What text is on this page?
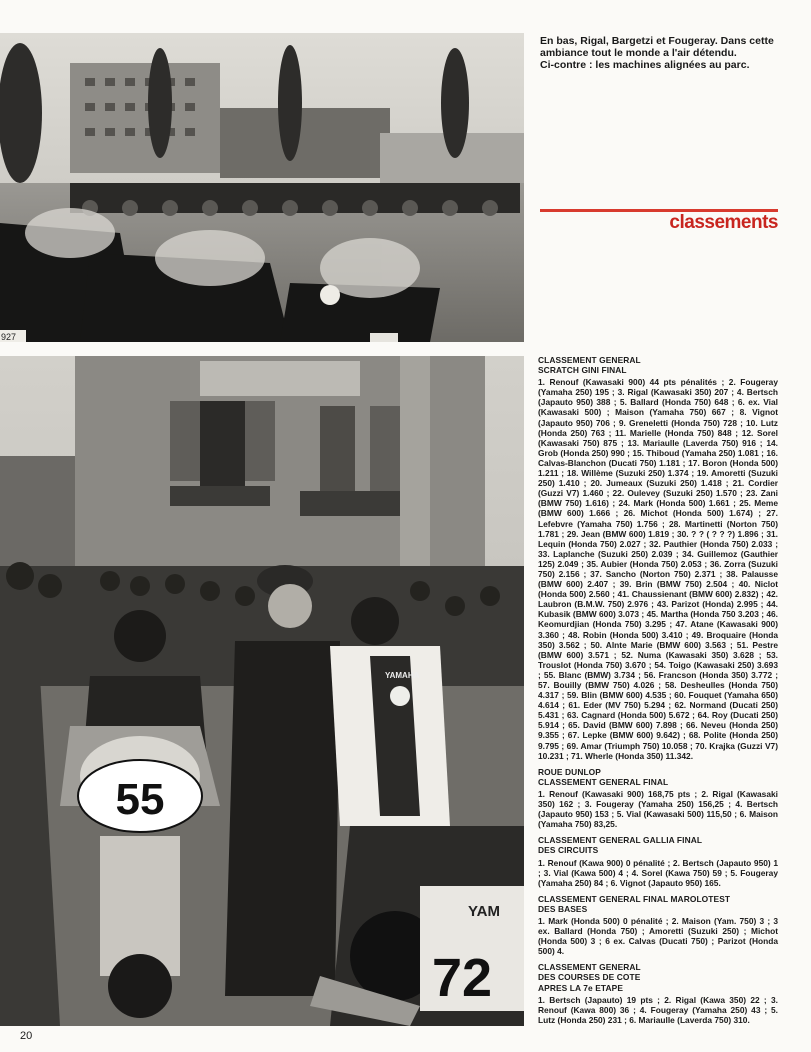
927
En bas, Rigal, Bargetzi et Fougeray. Dans cette ambiance tout le monde a l'air détendu.
Ci-contre : les machines alignées au parc.
classements
YAMAHA
55
YAM
72
CLASSEMENT GENERAL
SCRATCH GINI FINAL
1. Renouf (Kawasaki 900) 44 pts pénalités ; 2. Fougeray (Yamaha 250) 195 ; 3. Rigal (Kawasaki 350) 207 ; 4. Bertsch (Japauto 950) 388 ; 5. Ballard (Honda 750) 648 ; 6. ex. Vial (Kawasaki 500) ; Maison (Yamaha 750) 667 ; 8. Vignot (Japauto 950) 706 ; 9. Greneletti (Honda 750) 728 ; 10. Lutz (Honda 250) 763 ; 11. Marielle (Honda 750) 848 ; 12. Sorel (Kawasaki 750) 875 ; 13. Mariaulle (Laverda 750) 916 ; 14. Grob (Honda 250) 990 ; 15. Thiboud (Yamaha 250) 1.081 ; 16. Calvas-Blanchon (Ducati 750) 1.181 ; 17. Boron (Honda 500) 1.211 ; 18. Willème (Suzuki 250) 1.374 ; 19. Amoretti (Suzuki 250) 1.410 ; 20. Jumeaux (Suzuki 250) 1.418 ; 21. Cordier (Guzzi V7) 1.460 ; 22. Oulevey (Suzuki 250) 1.570 ; 23. Zani (BMW 750) 1.616) ; 24. Mark (Honda 500) 1.661 ; 25. Meme (BMW 600) 1.666 ; 26. Michot (Honda 500) 1.674) ; 27. Lefebvre (Yamaha 750) 1.756 ; 28. Martinetti (Norton 750) 1.781 ; 29. Jean (BMW 600) 1.819 ; 30. ? ? ( ? ? ?) 1.896 ; 31. Lequin (Honda 750) 2.027 ; 32. Pauthier (Honda 750) 2.033 ; 33. Laplanche (Suzuki 250) 2.039 ; 34. Guillemoz (Gauthier 125) 2.049 ; 35. Aubier (Honda 750) 2.053 ; 36. Zorra (Suzuki 750) 2.156 ; 37. Sancho (Norton 750) 2.371 ; 38. Palausse (BMW 600) 2.407 ; 39. Brin (BMW 750) 2.504 ; 40. Niclot (Honda 500) 2.560 ; 41. Chaussienant (BMW 600) 2.832) ; 42. Laubron (B.M.W. 750) 2.976 ; 43. Parizot (Honda) 2.995 ; 44. Kubasik (BMW 600) 3.073 ; 45. Martha (Honda 750 3.203 ; 46. Keomurdjian (Honda 750) 3.295 ; 47. Atane (Kawasaki 900) 3.360 ; 48. Robin (Honda 500) 3.410 ; 49. Broquaire (Honda 350) 3.562 ; 50. Alnte Marie (BMW 600) 3.563 ; 51. Pestre (BMW 600) 3.571 ; 52. Numa (Kawasaki 350) 3.628 ; 53. Trouslot (Honda 750) 3.670 ; 54. Toigo (Kawasaki 250) 3.693 ; 55. Blanc (BMW) 3.734 ; 56. Francson (Honda 350) 3.772 ; 57. Bouilly (BMW 750) 4.026 ; 58. Desheulles (Honda 750) 4.317 ; 59. Blin (BMW 600) 4.535 ; 60. Fouquet (Yamaha 650) 4.614 ; 61. Eder (MV 750) 5.294 ; 62. Normand (Ducati 250) 5.431 ; 63. Cagnard (Honda 500) 5.672 ; 64. Roy (Ducati 250) 5.914 ; 65. David (BMW 600) 7.898 ; 66. Neveu (Honda 250) 9.355 ; 67. Lepke (BMW 600) 9.642) ; 68. Polite (Honda 250) 9.795 ; 69. Amar (Triumph 750) 10.058 ; 70. Krajka (Guzzi V7) 10.231 ; 71. Wherle (Honda 350) 11.342.
ROUE DUNLOP
CLASSEMENT GENERAL FINAL
1. Renouf (Kawasaki 900) 168,75 pts ; 2. Rigal (Kawasaki 350) 162 ; 3. Fougeray (Yamaha 250) 156,25 ; 4. Bertsch (Japauto 950) 153 ; 5. Vial (Kawasaki 500) 115,50 ; 6. Maison (Yamaha 750) 83,25.
CLASSEMENT GENERAL GALLIA FINAL
DES CIRCUITS
1. Renouf (Kawa 900) 0 pénalité ; 2. Bertsch (Japauto 950) 1 ; 3. Vial (Kawa 500) 4 ; 4. Sorel (Kawa 750) 59 ; 5. Fougeray (Yamaha 250) 84 ; 6. Vignot (Japauto 950) 165.
CLASSEMENT GENERAL FINAL MAROLOTEST
DES BASES
1. Mark (Honda 500) 0 pénalité ; 2. Maison (Yam. 750) 3 ; 3 ex. Ballard (Honda 750) ; Amoretti (Suzuki 250) ; Michot (Honda 500) 3 ; 6 ex. Calvas (Ducati 750) ; Parizot (Honda 500) 4.
CLASSEMENT GENERAL
DES COURSES DE COTE
APRES LA 7e ETAPE
1. Bertsch (Japauto) 19 pts ; 2. Rigal (Kawa 350) 22 ; 3. Renouf (Kawa 800) 36 ; 4. Fougeray (Yamaha 250) 43 ; 5. Lutz (Honda 250) 231 ; 6. Mariaulle (Laverda 750) 310.
20
